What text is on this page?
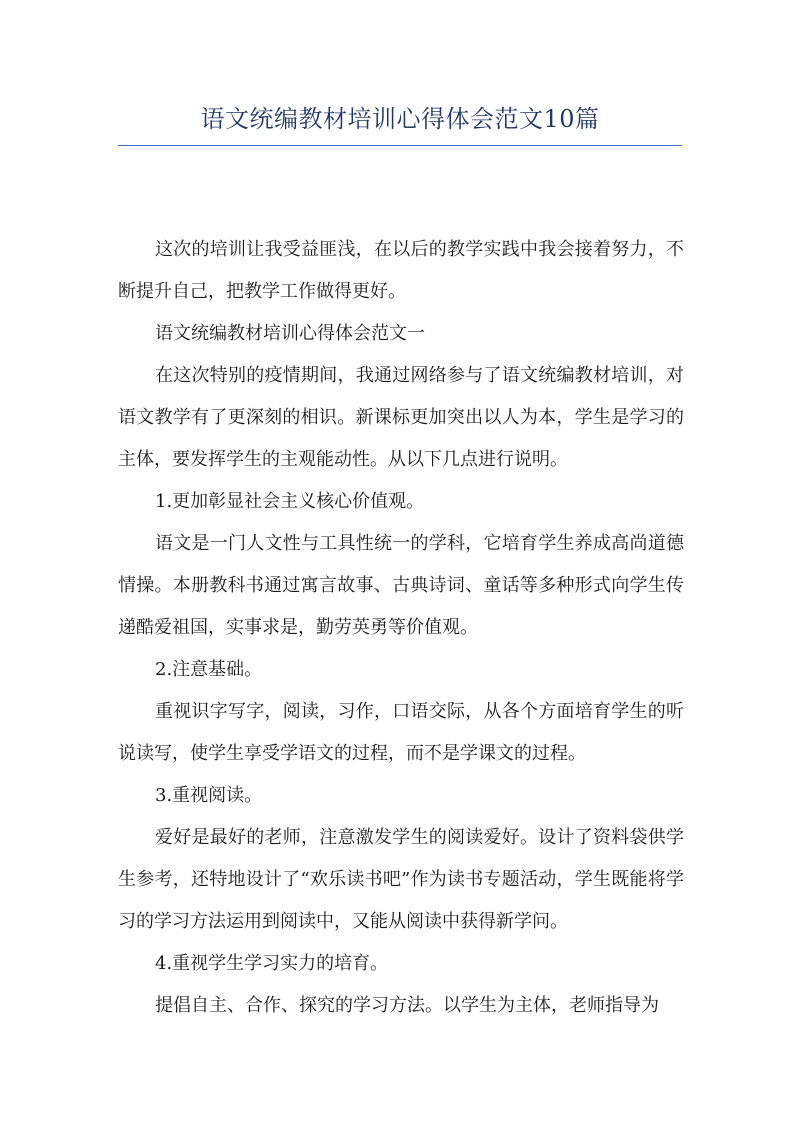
语文统编教材培训心得体会范文10篇

这次的培训让我受益匪浅，在以后的教学实践中我会接着努力，不断提升自己，把教学工作做得更好。

语文统编教材培训心得体会范文一

在这次特别的疫情期间，我通过网络参与了语文统编教材培训，对语文教学有了更深刻的相识。新课标更加突出以人为本，学生是学习的主体，要发挥学生的主观能动性。从以下几点进行说明。

1.更加彰显社会主义核心价值观。

语文是一门人文性与工具性统一的学科，它培育学生养成高尚道德情操。本册教科书通过寓言故事、古典诗词、童话等多种形式向学生传递酷爱祖国，实事求是，勤劳英勇等价值观。

2.注意基础。

重视识字写字，阅读，习作，口语交际，从各个方面培育学生的听说读写，使学生享受学语文的过程，而不是学课文的过程。

3.重视阅读。

爱好是最好的老师，注意激发学生的阅读爱好。设计了资料袋供学生参考，还特地设计了“欢乐读书吧”作为读书专题活动，学生既能将学习的学习方法运用到阅读中，又能从阅读中获得新学问。

4.重视学生学习实力的培育。

提倡自主、合作、探究的学习方法。以学生为主体，老师指导为
